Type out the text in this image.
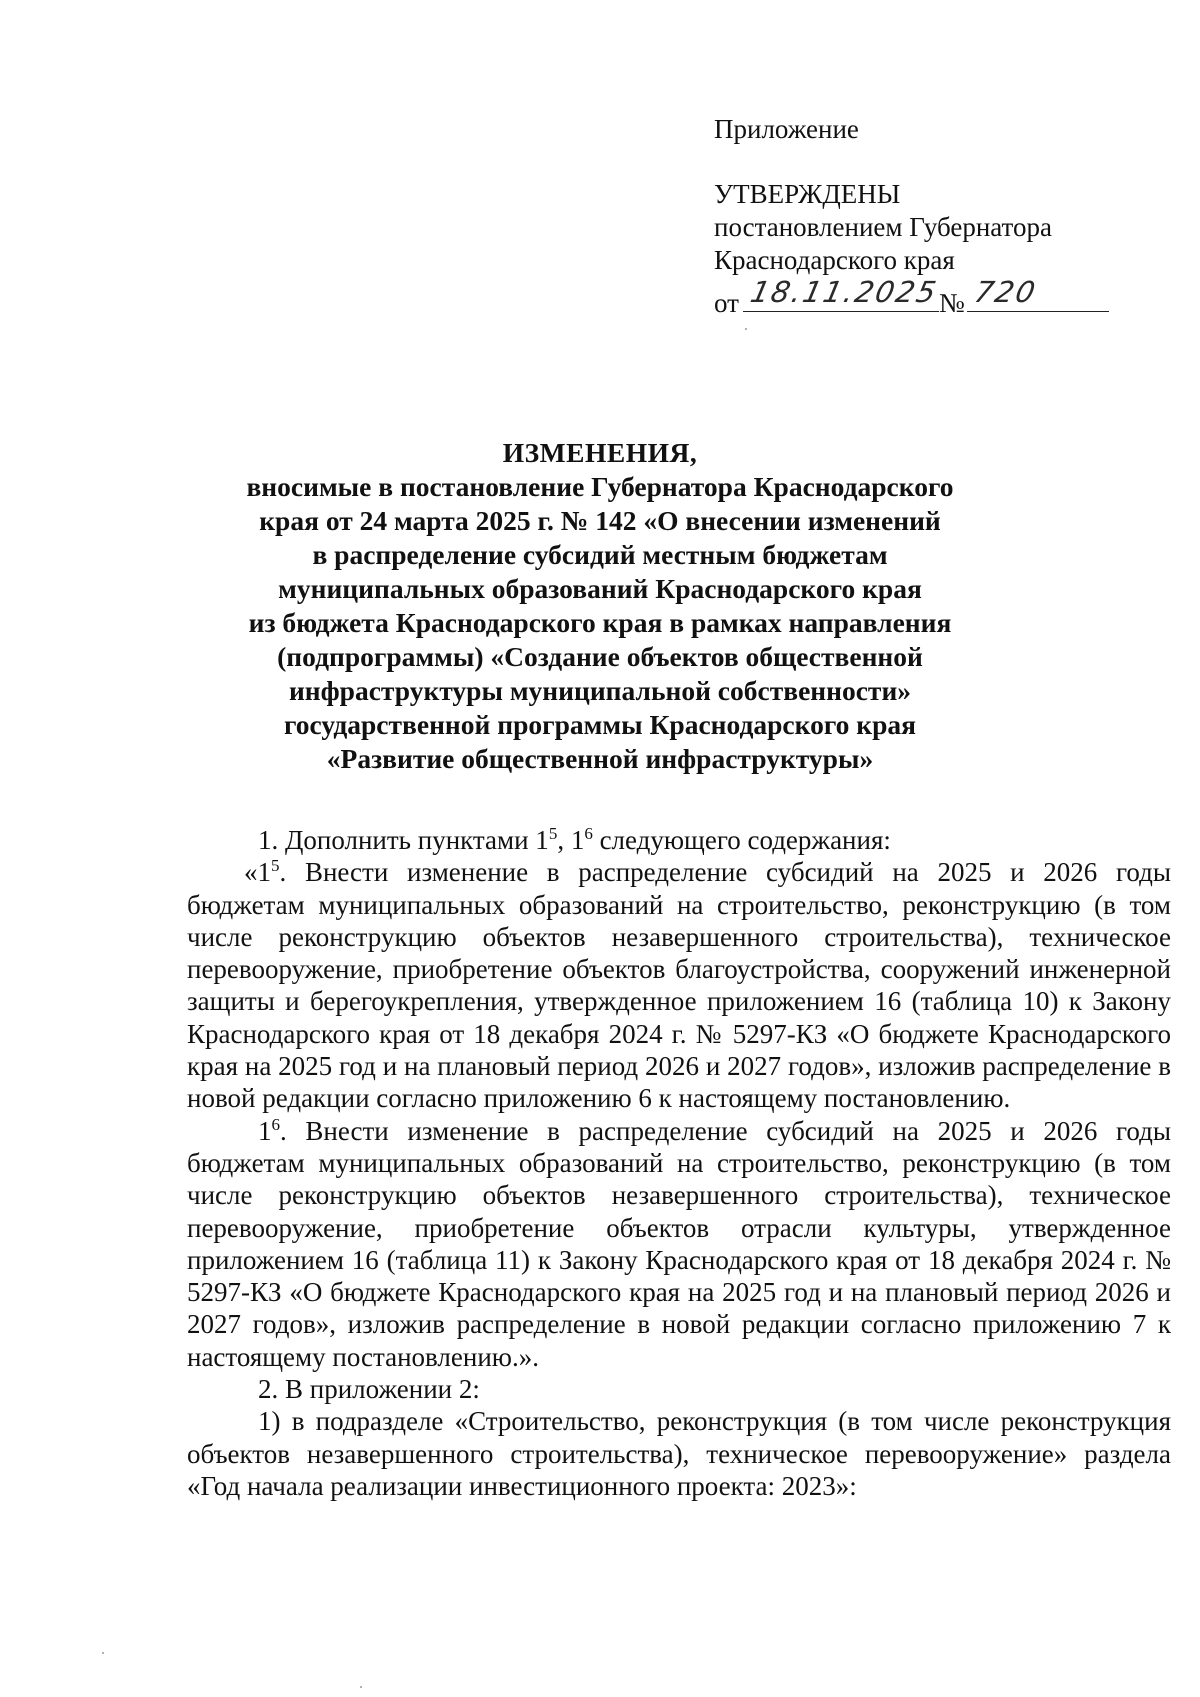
Приложение
УТВЕРЖДЕНЫ
постановлением Губернатора
Краснодарского края
от 18.11.2025
№ 720
ИЗМЕНЕНИЯ,
вносимые в постановление Губернатора Краснодарского
края от 24 марта 2025 г. № 142 «О внесении изменений
в распределение субсидий местным бюджетам
муниципальных образований Краснодарского края
из бюджета Краснодарского края в рамках направления
(подпрограммы) «Создание объектов общественной
инфраструктуры муниципальной собственности»
государственной программы Краснодарского края
«Развитие общественной инфраструктуры»

1. Дополнить пунктами $1^5$, $1^6$ следующего содержания:

«$1^5$. Внести изменение в распределение субсидий на 2025 и 2026 годы бюджетам муниципальных образований на строительство, реконструкцию (в том числе реконструкцию объектов незавершенного строительства), техническое перевооружение, приобретение объектов благоустройства, сооружений инженерной защиты и берегоукрепления, утвержденное приложением 16 (таблица 10) к Закону Краснодарского края от 18 декабря 2024 г. № 5297-КЗ «О бюджете Краснодарского края на 2025 год и на плановый период 2026 и 2027 годов», изложив распределение в новой редакции согласно приложению 6 к настоящему постановлению.

$1^6$. Внести изменение в распределение субсидий на 2025 и 2026 годы бюджетам муниципальных образований на строительство, реконструкцию (в том числе реконструкцию объектов незавершенного строительства), техническое перевооружение, приобретение объектов отрасли культуры, утвержденное приложением 16 (таблица 11) к Закону Краснодарского края от 18 декабря 2024 г. № 5297-КЗ «О бюджете Краснодарского края на 2025 год и на плановый период 2026 и 2027 годов», изложив распределение в новой редакции согласно приложению 7 к настоящему постановлению.».

2. В приложении 2:

1) в подразделе «Строительство, реконструкция (в том числе реконструкция объектов незавершенного строительства), техническое перевооружение» раздела «Год начала реализации инвестиционного проекта: 2023»:
